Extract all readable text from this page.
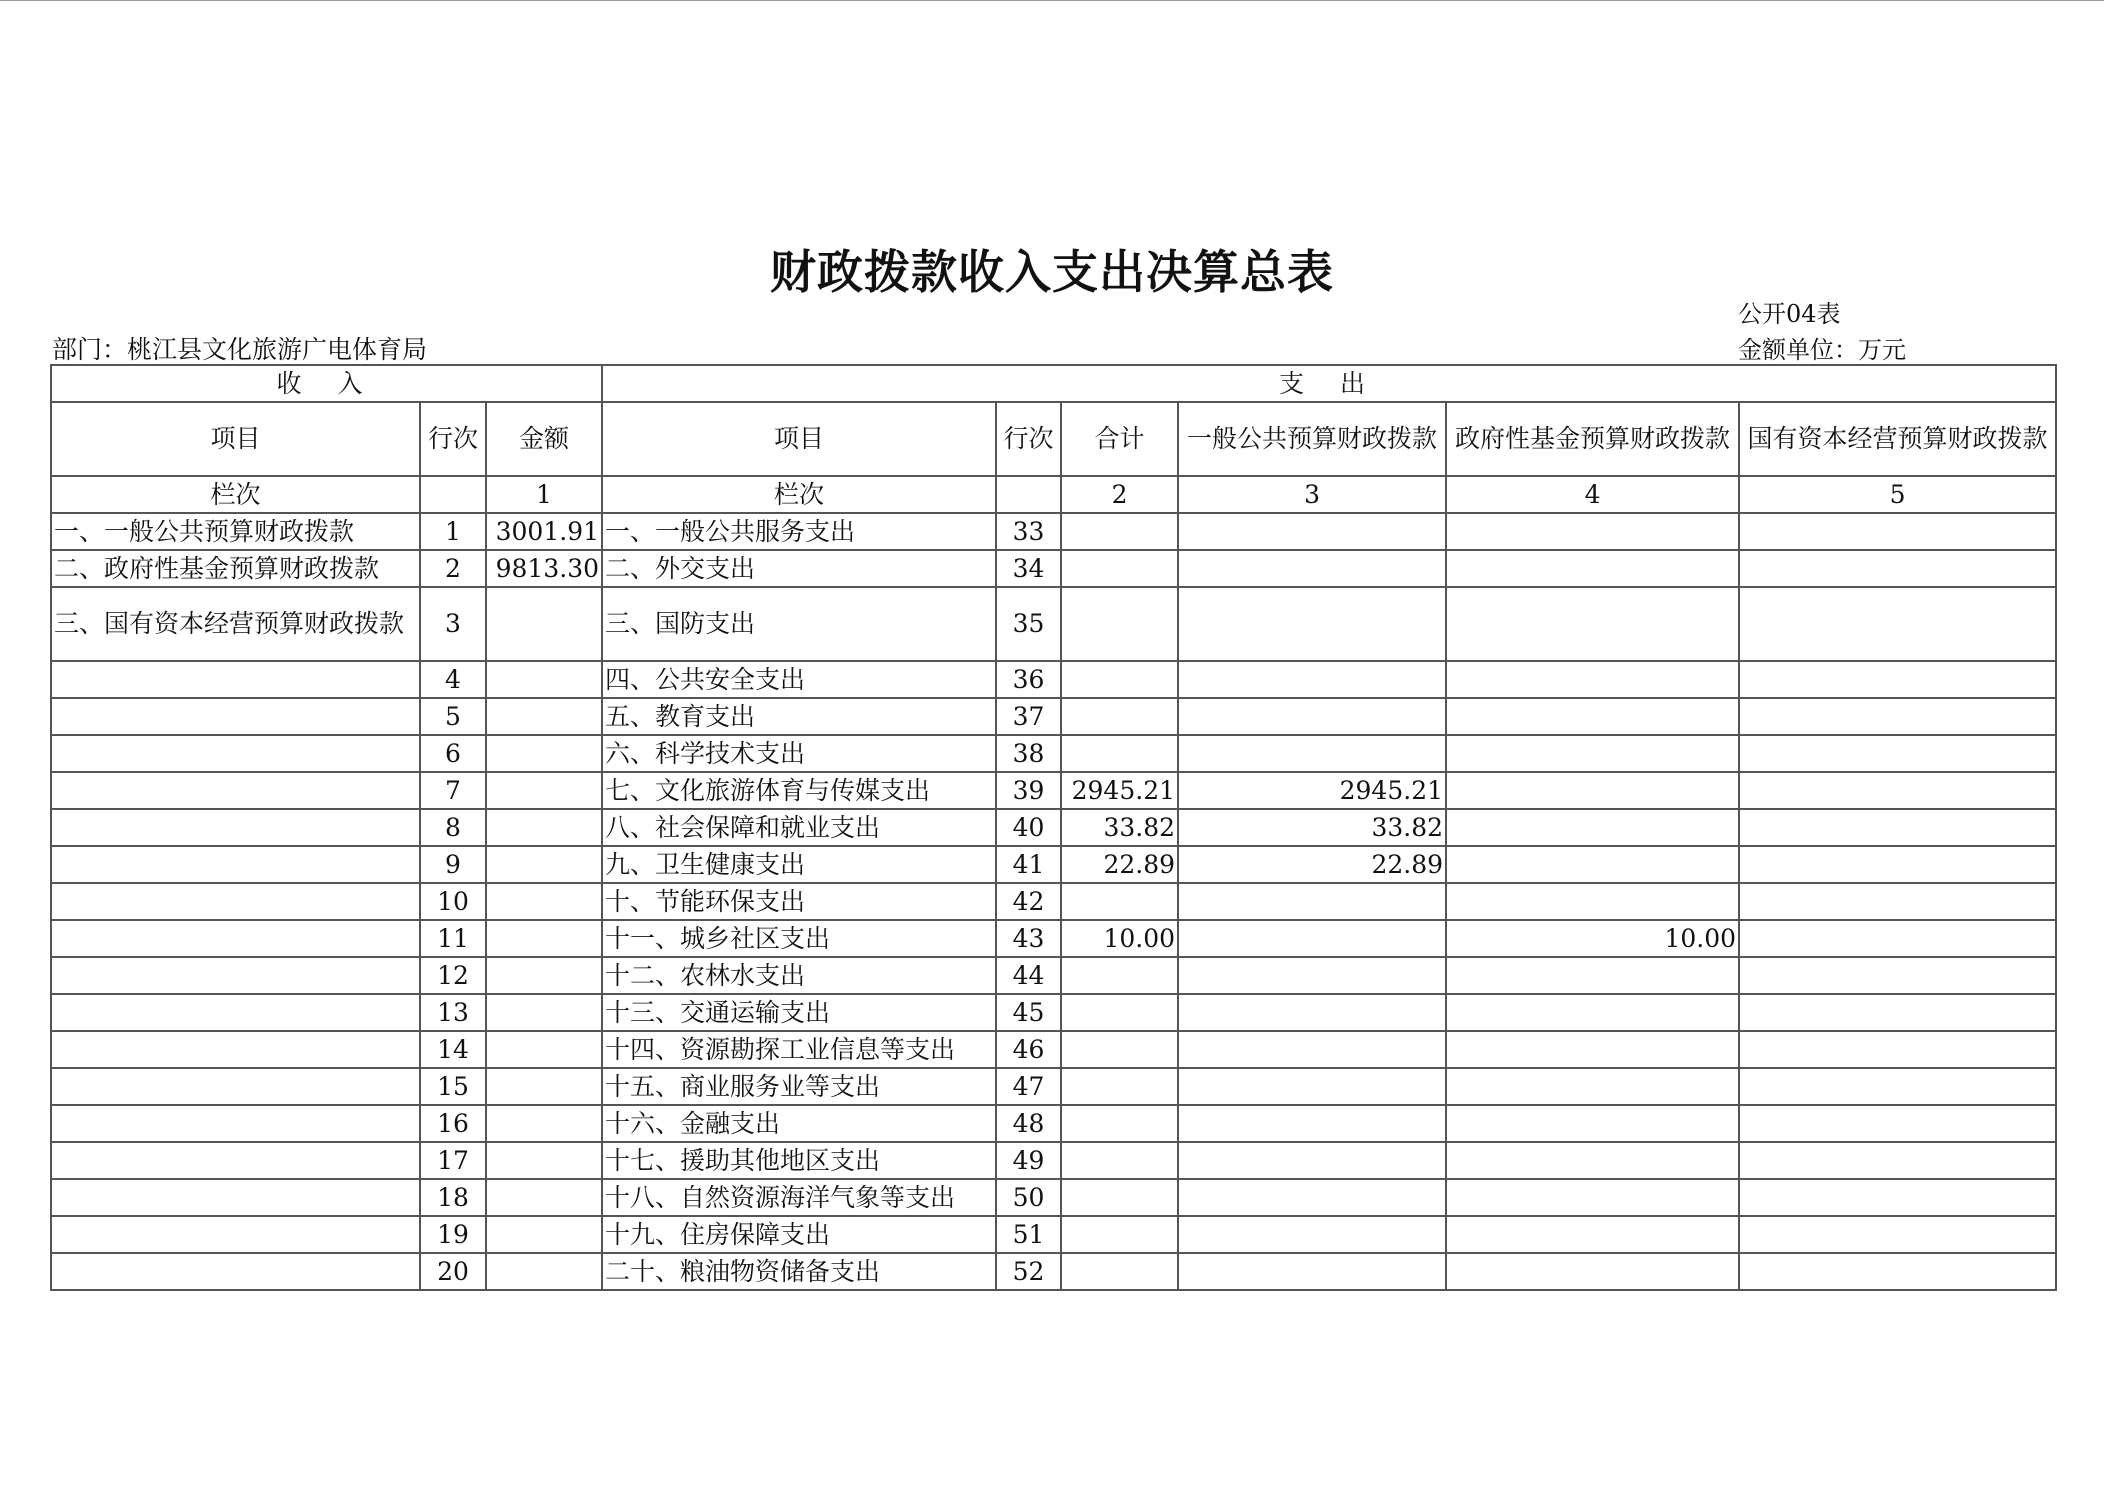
财政拨款收入支出决算总表
公开04表
部门：桃江县文化旅游广电体育局	金额单位：万元
收 入			支 出					
项目	行次	金额	项目	行次	合计	一般公共预算财政拨款	政府性基金预算财政拨款	国有资本经营预算财政拨款
栏次		1	栏次		2	3	4	5
一、一般公共预算财政拨款	1	3001.91	一、一般公共服务支出	33				
二、政府性基金预算财政拨款	2	9813.30	二、外交支出	34				
三、国有资本经营预算财政拨款	3		三、国防支出	35				
	4		四、公共安全支出	36				
	5		五、教育支出	37				
	6		六、科学技术支出	38				
	7		七、文化旅游体育与传媒支出	39	2945.21	2945.21		
	8		八、社会保障和就业支出	40	33.82	33.82		
	9		九、卫生健康支出	41	22.89	22.89		
	10		十、节能环保支出	42				
	11		十一、城乡社区支出	43	10.00		10.00	
	12		十二、农林水支出	44				
	13		十三、交通运输支出	45				
	14		十四、资源勘探工业信息等支出	46				
	15		十五、商业服务业等支出	47				
	16		十六、金融支出	48				
	17		十七、援助其他地区支出	49				
	18		十八、自然资源海洋气象等支出	50				
	19		十九、住房保障支出	51				
	20		二十、粮油物资储备支出	52				
